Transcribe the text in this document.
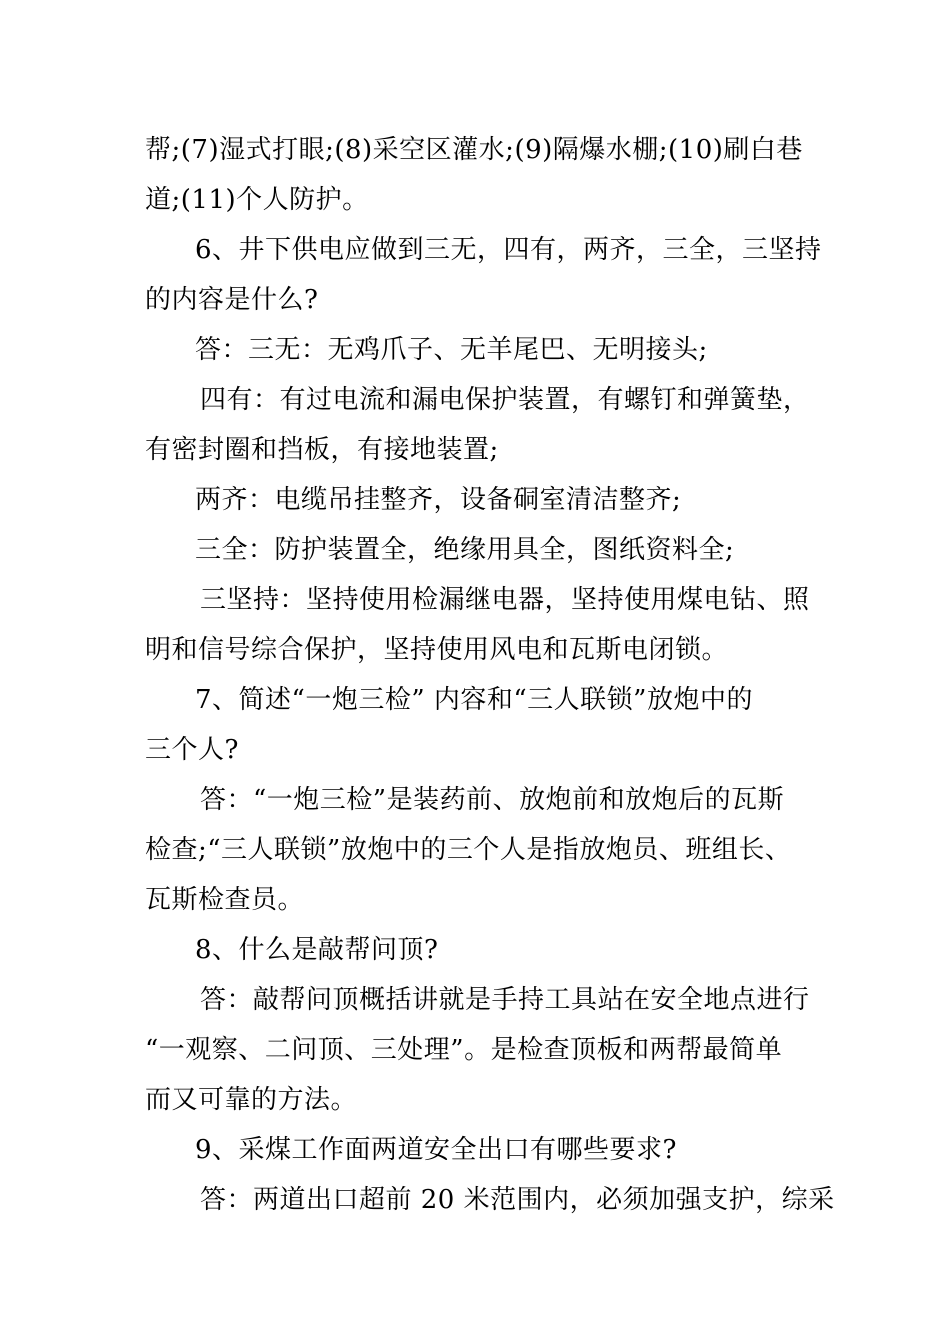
帮;(7)湿式打眼;(8)采空区灌水;(9)隔爆水棚;(10)刷白巷
道;(11)个人防护。
6、井下供电应做到三无，四有，两齐，三全，三坚持
的内容是什么?
答：三无：无鸡爪子、无羊尾巴、无明接头;
四有：有过电流和漏电保护装置，有螺钉和弹簧垫，
有密封圈和挡板，有接地装置;
两齐：电缆吊挂整齐，设备硐室清洁整齐;
三全：防护装置全，绝缘用具全，图纸资料全;
三坚持：坚持使用检漏继电器，坚持使用煤电钻、照
明和信号综合保护，坚持使用风电和瓦斯电闭锁。
7、简述“一炮三检” 内容和“三人联锁”放炮中的
三个人?
答：“一炮三检”是装药前、放炮前和放炮后的瓦斯
检查;“三人联锁”放炮中的三个人是指放炮员、班组长、
瓦斯检查员。
8、什么是敲帮问顶?
答：敲帮问顶概括讲就是手持工具站在安全地点进行
“一观察、二问顶、三处理”。是检查顶板和两帮最简单
而又可靠的方法。
9、采煤工作面两道安全出口有哪些要求?
答：两道出口超前 20 米范围内，必须加强支护，综采
